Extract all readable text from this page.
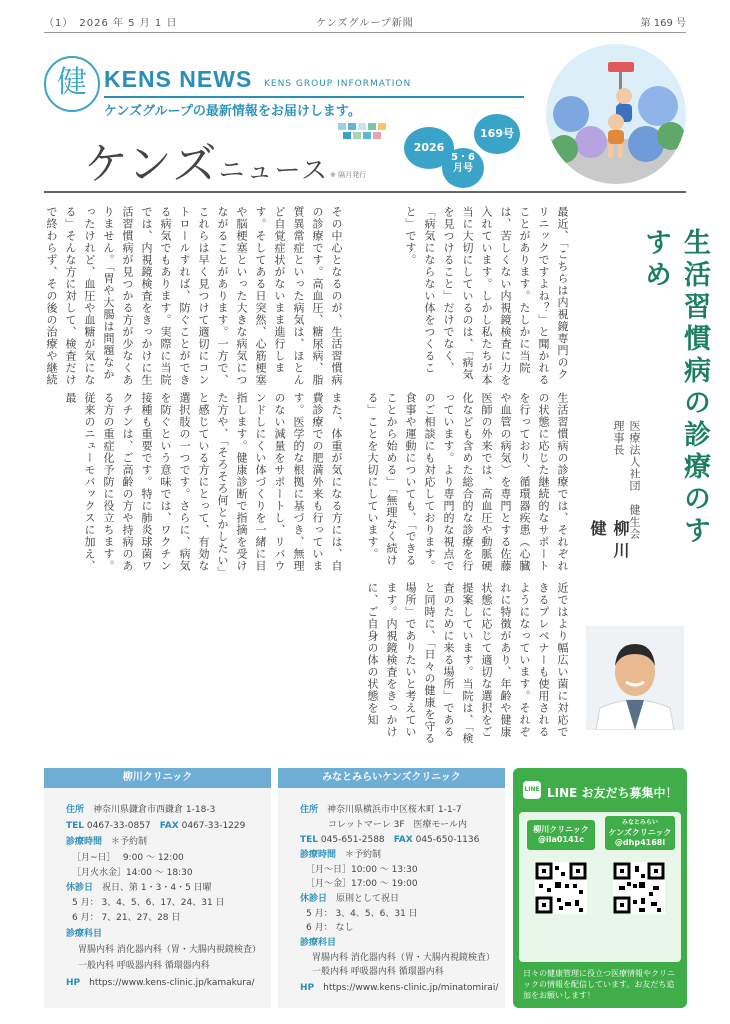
（1）　 2026 年 5 月 1 日	ケンズグループ新聞	第 169 号
健 KENS NEWS KENS GROUP INFORMATION
ケンズグループの最新情報をお届けします。
ケンズニュース ※ 隔月発行
2026
5・6
月号
169号
生活習慣病の診療のすすめ
医療法人社団　健生会　理事長
柳川　健

最近、「こちらは内視鏡専門のクリニックですよね？」と聞かれることがあります。たしかに当院は、苦しくない内視鏡検査に力を入れています。しかし私たちが本当に大切にしているのは、「病気を見つけること」だけでなく、「病気にならない体をつくること」です。

その中心となるのが、生活習慣病の診療です。高血圧、糖尿病、脂質異常症といった病気は、ほとんど自覚症状がないまま進行します。そしてある日突然、心筋梗塞や脳梗塞といった大きな病気につながることがあります。一方で、これらは早く見つけて適切にコントロールすれば、防ぐことができる病気でもあります。実際に当院では、内視鏡検査をきっかけに生活習慣病が見つかる方が少なくありません。「胃や大腸は問題なかったけれど、血圧や血糖が気になる」そんな方に対して、検査だけで終わらず、その後の治療や継続

生活習慣病の診療では、それぞれの状態に応じた継続的なサポートを行っており、循環器疾患（心臓や血管の病気）を専門とする佐藤医師の外来では、高血圧や動脈硬化なども含めた総合的な診療を行っています。より専門的な視点でのご相談にも対応しております。食事や運動についても、「できることから始める」「無理なく続ける」ことを大切にしています。

また、体重が気になる方には、自費診療での肥満外来も行っています。医学的な根拠に基づき、無理のない減量をサポートし、リバウンドしにくい体づくりを一緒に目指します。健康診断で指摘を受けた方や、「そろそろ何とかしたい」と感じている方にとって、有効な選択肢の一つです。さらに、病気を防ぐという意味では、ワクチン接種も重要です。特に肺炎球菌ワクチンは、ご高齢の方や持病のある方の重症化予防に役立ちます。従来のニューモバックスに加え、最

近ではより幅広い菌に対応できるプレベナーも使用されるようになっています。それぞれに特徴があり、年齢や健康状態に応じて適切な選択をご提案しています。当院は、「検査のために来る場所」であると同時に、「日々の健康を守る場所」でありたいと考えています。内視鏡検査をきっかけに、ご自身の体の状態を知

柳川クリニック
住所　 神奈川県鎌倉市西鎌倉 1-18-3
TEL 0467-33-0857　 FAX 0467-33-1229
診療時間　 ＊予約制
［月~日］　 9:00 ～ 12:00
［月火水金］14:00 ～ 18:30
休診日　 祝日、第 1・3・4・5 日曜
5 月： 3、4、5、6、17、24、31 日
6 月： 7、21、27、28 日
診療科目
胃腸内科 消化器内科（胃・大腸内視鏡検査）
一般内科 呼吸器内科 循環器内科
HP　 https://www.kens-clinic.jp/kamakura/
みなとみらいケンズクリニック
住所　 神奈川県横浜市中区桜木町 1-1-7
コレットマーレ 3F　医療モール内
TEL 045-651-2588　 FAX 045-650-1136
診療時間　 ＊予約制
［月～日］10:00 ～ 13:30
［月～金］17:00 ～ 19:00
休診日　 原則として祝日
5 月： 3、4、5、6、31 日
6 月： なし
診療科目
胃腸内科 消化器内科（胃・大腸内視鏡検査）
一般内科 呼吸器内科 循環器内科
HP　 https://www.kens-clinic.jp/minatomirai/
LINE LINE お友だち募集中！
柳川クリニック
@ila0141c
みなとみらい
ケンズクリニック
@dhp4168l
日々の健康管理に役立つ医療情報やクリニックの情報を配信しています。お友だち追加をお願いします！
